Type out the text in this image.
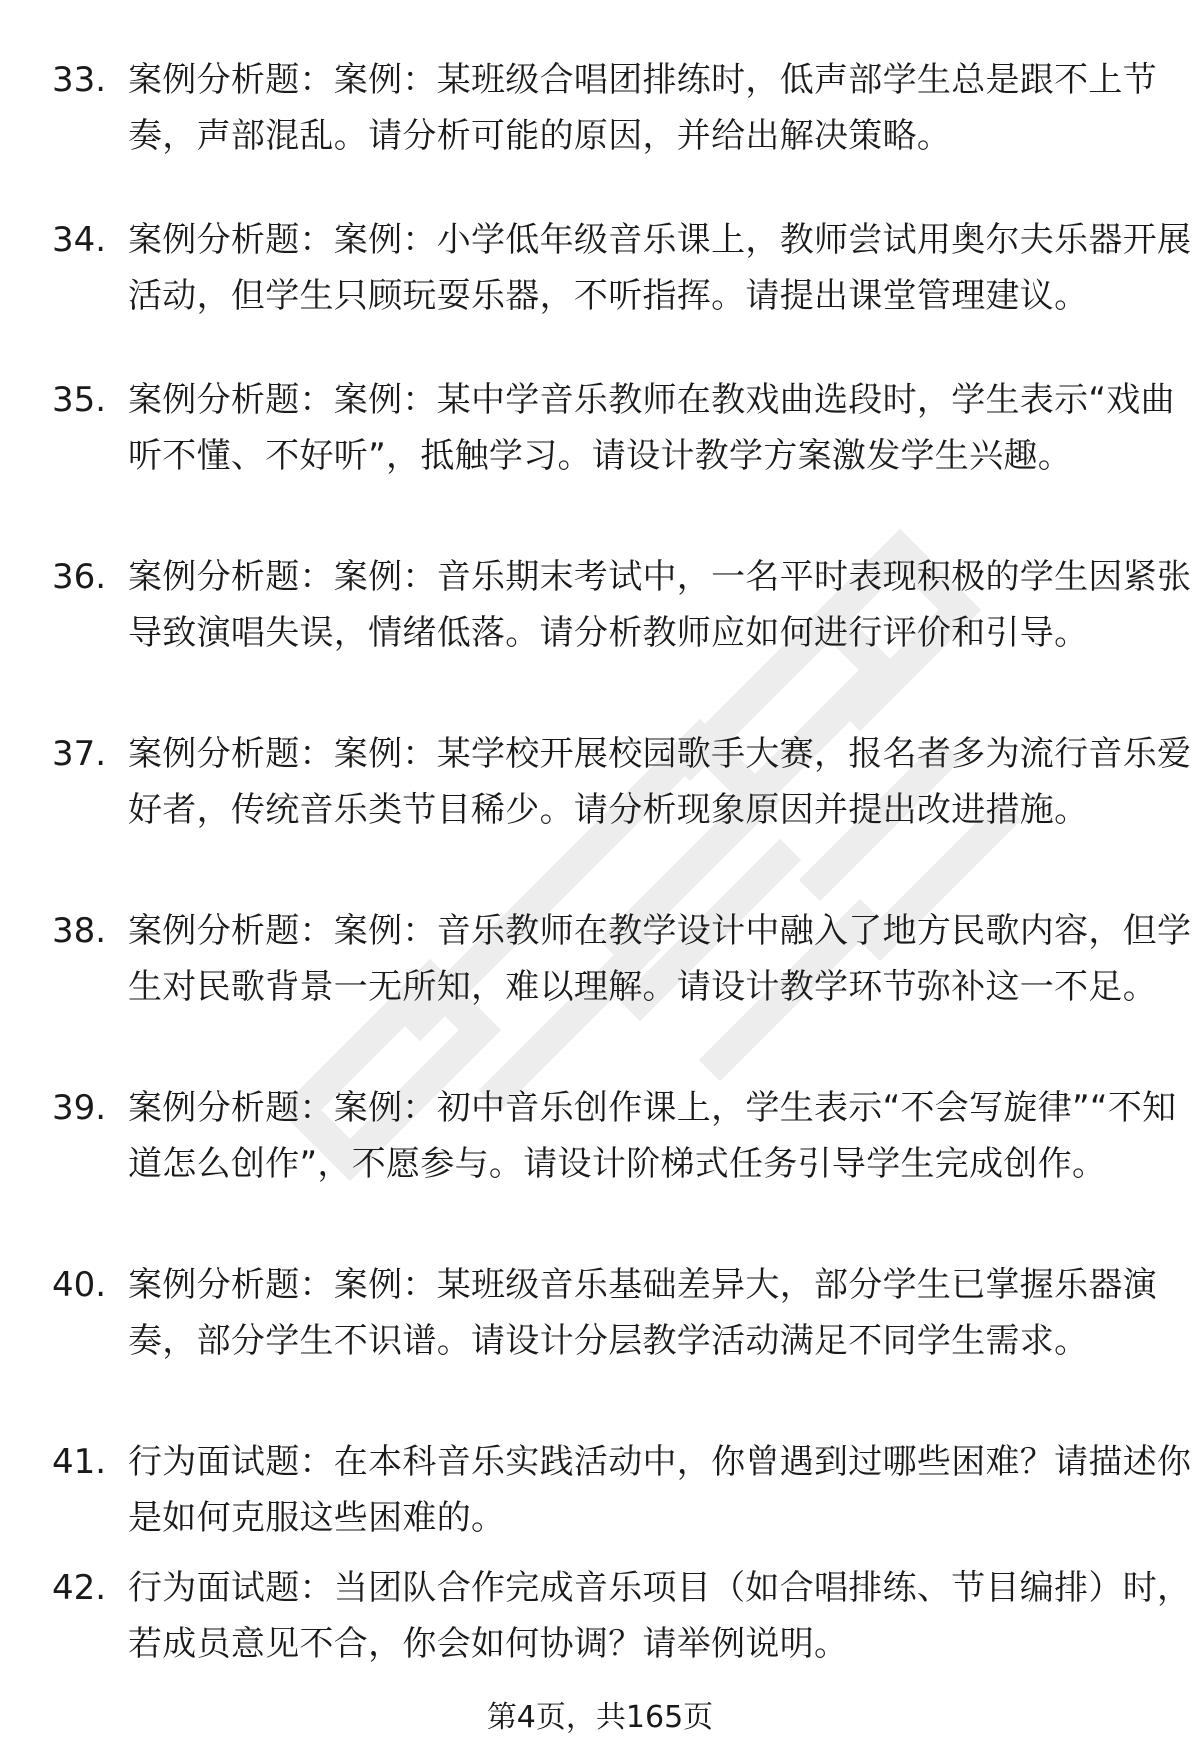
33. 案例分析题：案例：某班级合唱团排练时，低声部学生总是跟不上节奏，声部混乱。请分析可能的原因，并给出解决策略。
34. 案例分析题：案例：小学低年级音乐课上，教师尝试用奥尔夫乐器开展活动，但学生只顾玩耍乐器，不听指挥。请提出课堂管理建议。
35. 案例分析题：案例：某中学音乐教师在教戏曲选段时，学生表示“戏曲听不懂、不好听”，抵触学习。请设计教学方案激发学生兴趣。
36. 案例分析题：案例：音乐期末考试中，一名平时表现积极的学生因紧张导致演唱失误，情绪低落。请分析教师应如何进行评价和引导。
37. 案例分析题：案例：某学校开展校园歌手大赛，报名者多为流行音乐爱好者，传统音乐类节目稀少。请分析现象原因并提出改进措施。
38. 案例分析题：案例：音乐教师在教学设计中融入了地方民歌内容，但学生对民歌背景一无所知，难以理解。请设计教学环节弥补这一不足。
39. 案例分析题：案例：初中音乐创作课上，学生表示“不会写旋律”“不知道怎么创作”，不愿参与。请设计阶梯式任务引导学生完成创作。
40. 案例分析题：案例：某班级音乐基础差异大，部分学生已掌握乐器演奏，部分学生不识谱。请设计分层教学活动满足不同学生需求。
41. 行为面试题：在本科音乐实践活动中，你曾遇到过哪些困难？请描述你是如何克服这些困难的。
42. 行为面试题：当团队合作完成音乐项目（如合唱排练、节目编排）时，若成员意见不合，你会如何协调？请举例说明。
第4页，共165页
